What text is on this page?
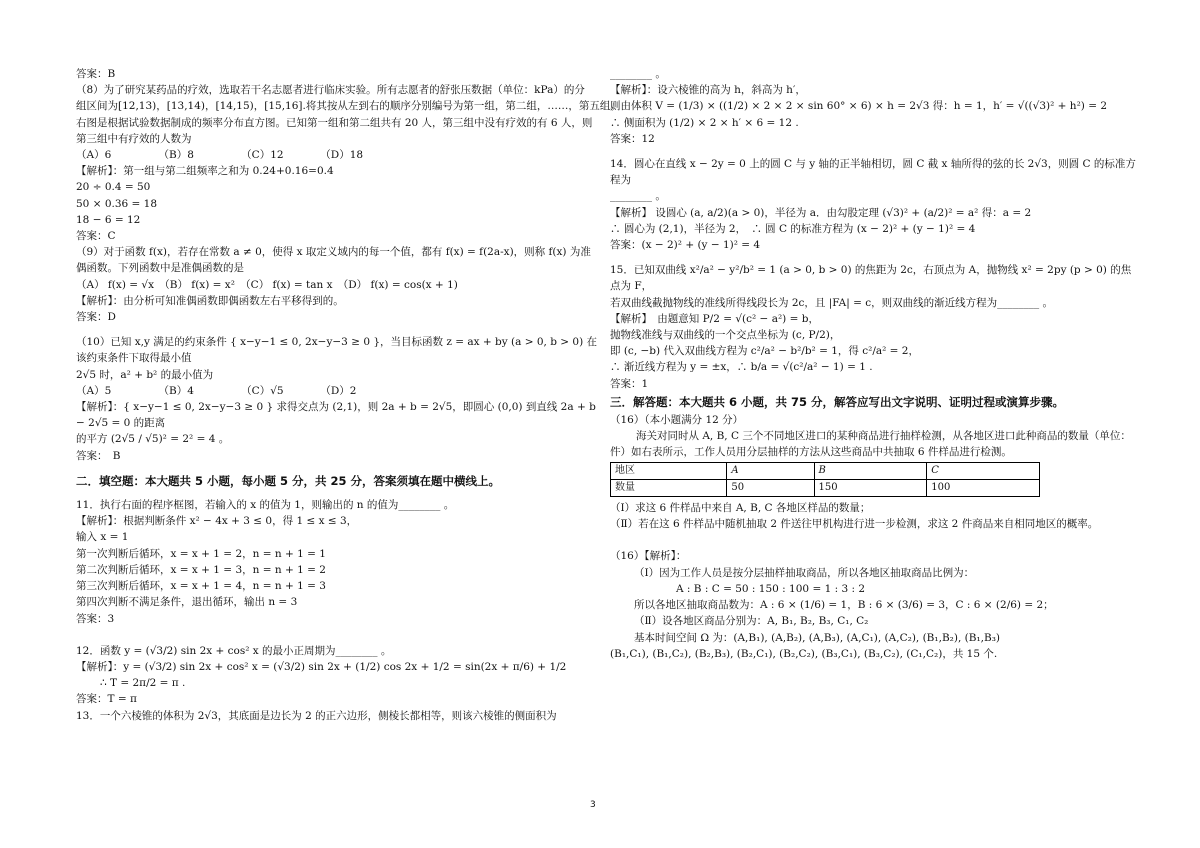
答案：B

（8）为了研究某药品的疗效，选取若干名志愿者进行临床实验。所有志愿者的舒张压数据（单位：kPa）的分

组区间为[12,13)，[13,14)，[14,15)，[15,16].将其按从左到右的顺序分别编号为第一组，第二组，……，第五组。

右图是根据试验数据制成的频率分布直方图。已知第一组和第二组共有 20 人，第三组中没有疗效的有 6 人，则

第三组中有疗效的人数为

（A）6　　　　　（B）8　　　　　（C）12　　　　（D）18

【解析】：第一组与第二组频率之和为 0.24+0.16=0.4

20 ÷ 0.4 = 50

50 × 0.36 = 18

18 − 6 = 12

答案：C

（9）对于函数 f(x)，若存在常数 a ≠ 0，使得 x 取定义域内的每一个值，都有 f(x) = f(2a-x)，则称 f(x) 为准

偶函数。下列函数中是准偶函数的是

（A） f(x) = √x　（B） f(x) = x²　（C） f(x) = tan x　（D） f(x) = cos(x + 1)

【解析】：由分析可知准偶函数即偶函数左右平移得到的。

答案：D

（10）已知 x,y 满足的约束条件 { x−y−1 ≤ 0, 2x−y−3 ≥ 0 }，当目标函数 z = ax + by (a > 0, b > 0) 在该约束条件下取得最小值

2√5 时，a² + b² 的最小值为

（A）5　　　　　（B）4　　　　　（C）√5　　　　（D）2

【解析】：{ x−y−1 ≤ 0, 2x−y−3 ≥ 0 } 求得交点为 (2,1)，则 2a + b = 2√5，即圆心 (0,0) 到直线 2a + b − 2√5 = 0 的距离

的平方 (2√5 / √5)² = 2² = 4 。

答案：　B

二．填空题：本大题共 5 小题，每小题 5 分，共 25 分，答案须填在题中横线上。

11．执行右面的程序框图，若输入的 x 的值为 1，则输出的 n 的值为________ 。

【解析】：根据判断条件 x² − 4x + 3 ≤ 0，得 1 ≤ x ≤ 3，

输入 x = 1

第一次判断后循环，x = x + 1 = 2，n = n + 1 = 1

第二次判断后循环，x = x + 1 = 3，n = n + 1 = 2

第三次判断后循环，x = x + 1 = 4，n = n + 1 = 3

第四次判断不满足条件，退出循环，输出 n = 3

答案：3

12．函数 y = (√3/2) sin 2x + cos² x 的最小正周期为________ 。

【解析】：y = (√3/2) sin 2x + cos² x = (√3/2) sin 2x + (1/2) cos 2x + 1/2 = sin(2x + π/6) + 1/2

∴ T = 2π/2 = π .

答案：T = π

13．一个六棱锥的体积为 2√3，其底面是边长为 2 的正六边形，侧棱长都相等，则该六棱锥的侧面积为

________ 。

【解析】：设六棱锥的高为 h，斜高为 h′，

则由体积 V = (1/3) × ((1/2) × 2 × 2 × sin 60° × 6) × h = 2√3 得：h = 1，h′ = √((√3)² + h²) = 2

∴ 侧面积为 (1/2) × 2 × h′ × 6 = 12 .

答案：12

14．圆心在直线 x − 2y = 0 上的圆 C 与 y 轴的正半轴相切，圆 C 截 x 轴所得的弦的长 2√3，则圆 C 的标准方程为

________ 。

【解析】 设圆心 (a, a/2)(a > 0)，半径为 a．由勾股定理 (√3)² + (a/2)² = a² 得：a = 2

∴ 圆心为 (2,1)，半径为 2，　∴ 圆 C 的标准方程为 (x − 2)² + (y − 1)² = 4

答案：(x − 2)² + (y − 1)² = 4

15．已知双曲线 x²/a² − y²/b² = 1 (a > 0, b > 0) 的焦距为 2c，右顶点为 A，抛物线 x² = 2py (p > 0) 的焦点为 F，

若双曲线截抛物线的准线所得线段长为 2c，且 |FA| = c，则双曲线的渐近线方程为________ 。

【解析】　由题意知 P/2 = √(c² − a²) = b，

抛物线准线与双曲线的一个交点坐标为 (c, P/2)，

即 (c, −b) 代入双曲线方程为 c²/a² − b²/b² = 1，得 c²/a² = 2，

∴ 渐近线方程为 y = ±x，∴ b/a = √(c²/a² − 1) = 1 .

答案：1

三．解答题：本大题共 6 小题，共 75 分，解答应写出文字说明、证明过程或演算步骤。

（16）（本小题满分 12 分）

海关对同时从 A, B, C 三个不同地区进口的某种商品进行抽样检测，从各地区进口此种商品的数量（单位：

件）如右表所示，工作人员用分层抽样的方法从这些商品中共抽取 6 件样品进行检测。

地区	A	B	C
数量	50	150	100

（Ⅰ）求这 6 件样品中来自 A, B, C 各地区样品的数量；

（Ⅱ）若在这 6 件样品中随机抽取 2 件送往甲机构进行进一步检测，求这 2 件商品来自相同地区的概率。

（16）【解析】：

（Ⅰ）因为工作人员是按分层抽样抽取商品，所以各地区抽取商品比例为：

A : B : C = 50 : 150 : 100 = 1 : 3 : 2

所以各地区抽取商品数为：A : 6 × (1/6) = 1，B : 6 × (3/6) = 3，C : 6 × (2/6) = 2；

（Ⅱ）设各地区商品分别为：A, B₁, B₂, B₃, C₁, C₂

基本时间空间 Ω 为：(A,B₁), (A,B₂), (A,B₃), (A,C₁), (A,C₂), (B₁,B₂), (B₁,B₃)

(B₁,C₁), (B₁,C₂), (B₂,B₃), (B₂,C₁), (B₂,C₂), (B₃,C₁), (B₃,C₂), (C₁,C₂)，共 15 个.

3
